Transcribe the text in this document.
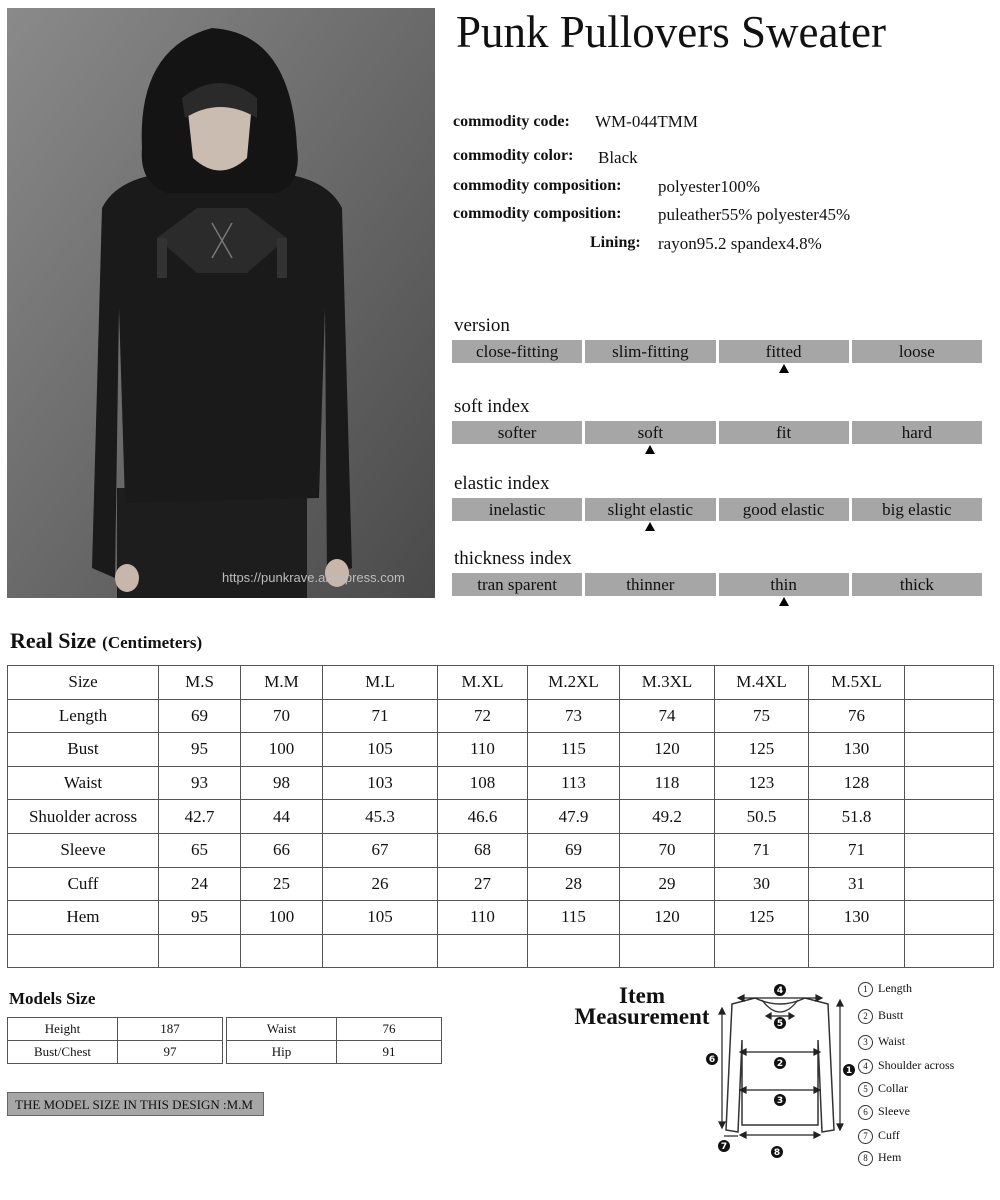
https://punkrave.aliexpress.com
Punk Pullovers Sweater
commodity code: WM-044TMM
commodity color: Black
commodity composition: polyester100%
commodity composition: puleather55% polyester45%
Lining: rayon95.2 spandex4.8%
version
close-fitting	slim-fitting	fitted	loose
soft index
softer	soft	fit	hard
elastic index
inelastic	slight elastic	good elastic	big elastic
thickness index
tran sparent	thinner	thin	thick
Real Size (Centimeters)
Size	M.S	M.M	M.L	M.XL	M.2XL	M.3XL	M.4XL	M.5XL	
Length	69	70	71	72	73	74	75	76	
Bust	95	100	105	110	115	120	125	130	
Waist	93	98	103	108	113	118	123	128	
Shuolder across	42.7	44	45.3	46.6	47.9	49.2	50.5	51.8	
Sleeve	65	66	67	68	69	70	71	71	
Cuff	24	25	26	27	28	29	30	31	
Hem	95	100	105	110	115	120	125	130	

Models Size
Height	187
Bust/Chest	97
Waist	76
Hip	91
THE MODEL SIZE IN THIS DESIGN :M.M
Item
Measurement
4
5
2
3
8
1
6
7
1 Length
2 Bustt
3 Waist
4 Shoulder across
5 Collar
6 Sleeve
7 Cuff
8 Hem
